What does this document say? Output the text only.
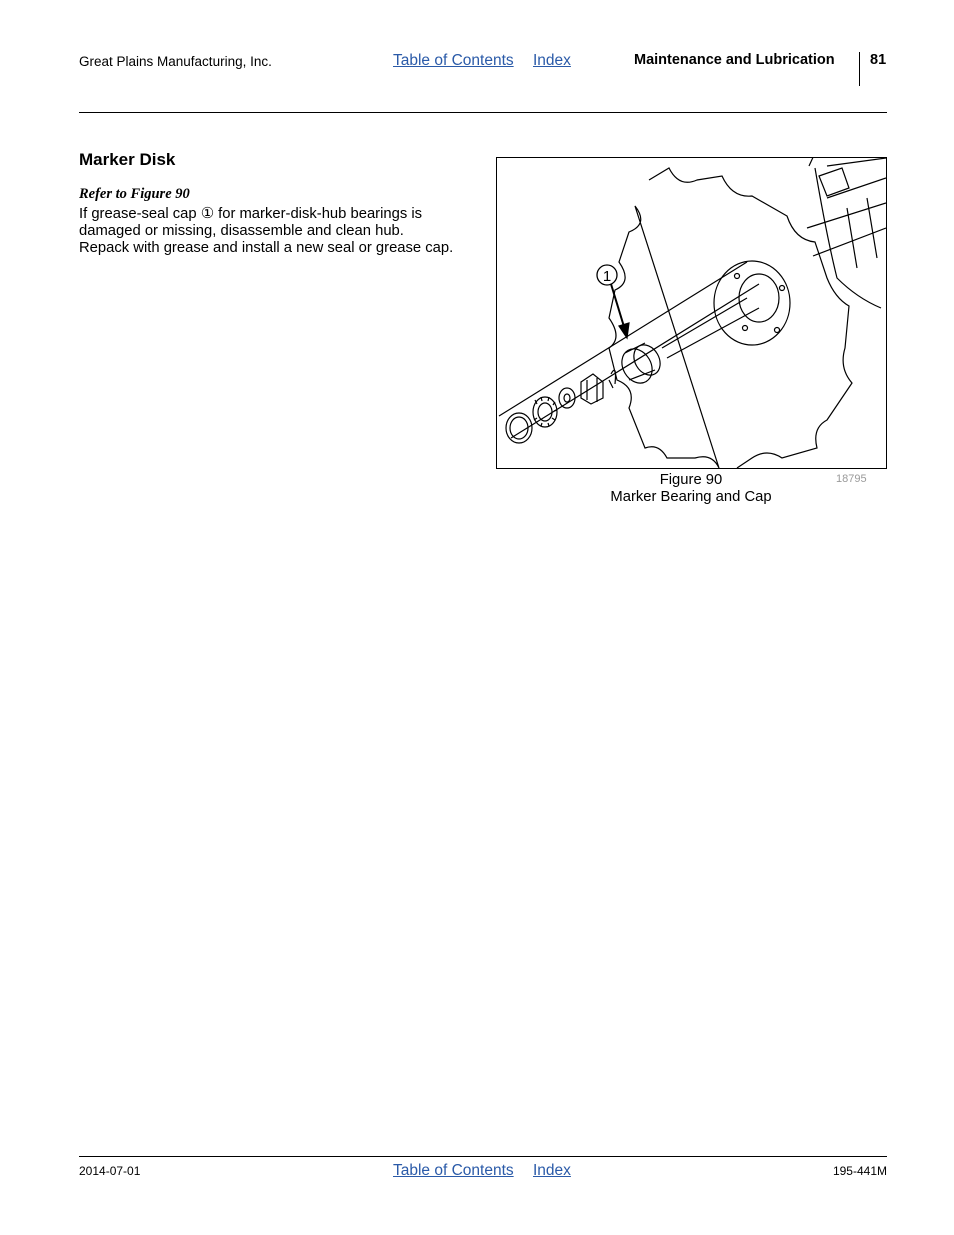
Great Plains Manufacturing, Inc.	Table of Contents Index	Maintenance and Lubrication 81
Marker Disk
Refer to Figure 90

If grease-seal cap ① for marker-disk-hub bearings is

damaged or missing, disassemble and clean hub.

Repack with grease and install a new seal or grease cap.

1
Figure 90
Marker Bearing and Cap
18795
2014-07-01	Table of Contents Index	195-441M
